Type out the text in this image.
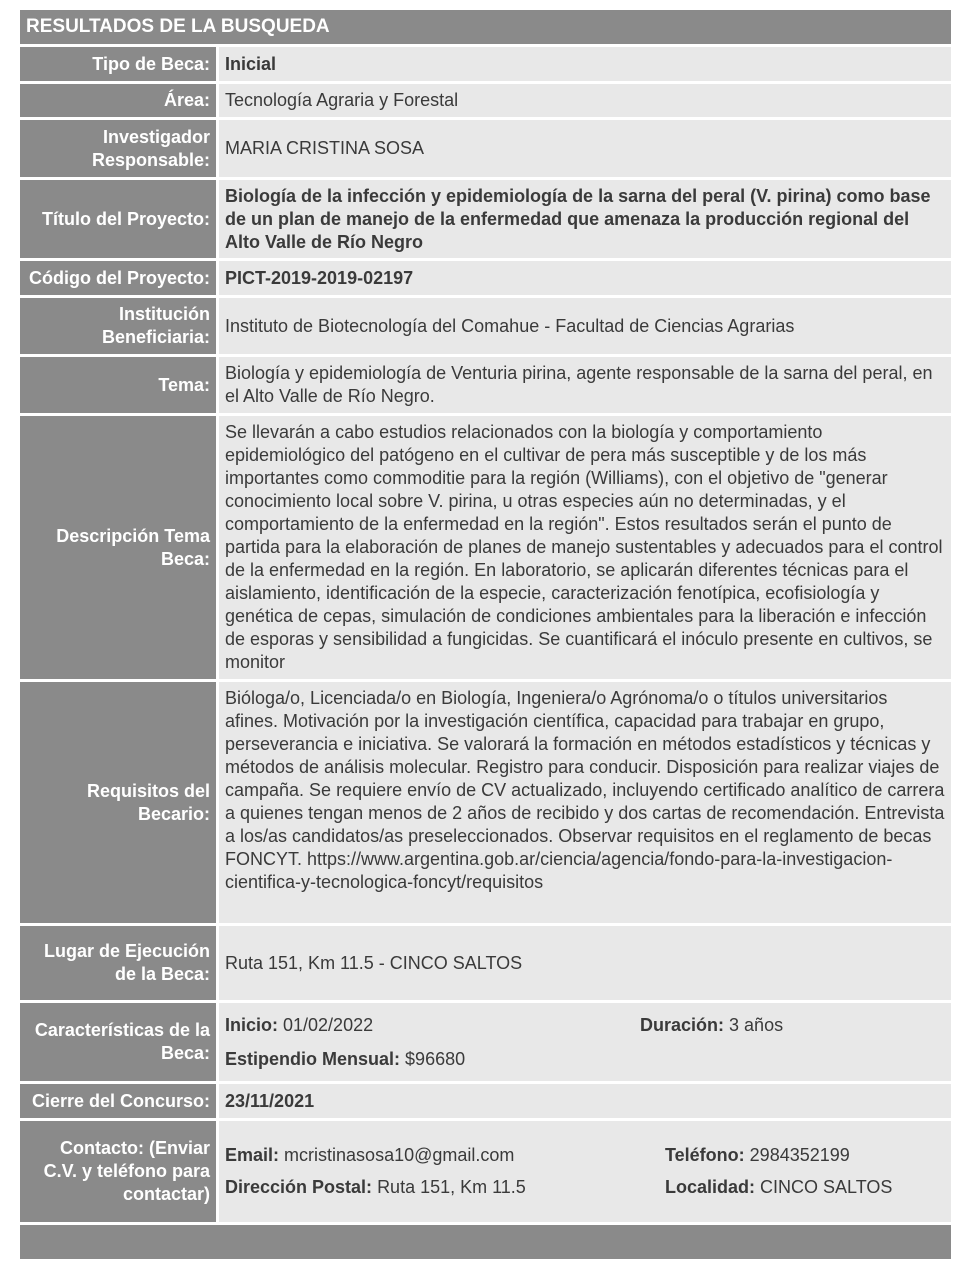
RESULTADOS DE LA BUSQUEDA
Tipo de Beca: Inicial
Área: Tecnología Agraria y Forestal
Investigador Responsable:
MARIA CRISTINA SOSA
Título del Proyecto:
Biología de la infección y epidemiología de la sarna del peral (V. pirina) como base de un plan de manejo de la enfermedad que amenaza la producción regional del Alto Valle de Río Negro
Código del Proyecto: PICT-2019-2019-02197
Institución Beneficiaria:
Instituto de Biotecnología del Comahue - Facultad de Ciencias Agrarias
Tema:
Biología y epidemiología de Venturia pirina, agente responsable de la sarna del peral, en el Alto Valle de Río Negro.
Descripción Tema Beca:
Se llevarán a cabo estudios relacionados con la biología y comportamiento epidemiológico del patógeno en el cultivar de pera más susceptible y de los más importantes como commoditie para la región (Williams), con el objetivo de "generar conocimiento local sobre V. pirina, u otras especies aún no determinadas, y el comportamiento de la enfermedad en la región". Estos resultados serán el punto de partida para la elaboración de planes de manejo sustentables y adecuados para el control de la enfermedad en la región. En laboratorio, se aplicarán diferentes técnicas para el aislamiento, identificación de la especie, caracterización fenotípica, ecofisiología y genética de cepas, simulación de condiciones ambientales para la liberación e infección de esporas y sensibilidad a fungicidas. Se cuantificará el inóculo presente en cultivos, se monitor
Requisitos del Becario:
Bióloga/o, Licenciada/o en Biología, Ingeniera/o Agrónoma/o o títulos universitarios afines. Motivación por la investigación científica, capacidad para trabajar en grupo, perseverancia e iniciativa. Se valorará la formación en métodos estadísticos y técnicas y métodos de análisis molecular. Registro para conducir. Disposición para realizar viajes de campaña. Se requiere envío de CV actualizado, incluyendo certificado analítico de carrera a quienes tengan menos de 2 años de recibido y dos cartas de recomendación. Entrevista a los/as candidatos/as preseleccionados. Observar requisitos en el reglamento de becas FONCYT. https://www.argentina.gob.ar/ciencia/agencia/fondo-para-la-investigacion-cientifica-y-tecnologica-foncyt/requisitos
Lugar de Ejecución de la Beca:
Ruta 151, Km 11.5 - CINCO SALTOS
Características de la Beca:
Inicio: 01/02/2022	Duración: 3 años
Estipendio Mensual: $96680
Cierre del Concurso: 23/11/2021
Contacto: (Enviar C.V. y teléfono para contactar)
Email: mcristinasosa10@gmail.com	Teléfono: 2984352199
Dirección Postal: Ruta 151, Km 11.5	Localidad: CINCO SALTOS
